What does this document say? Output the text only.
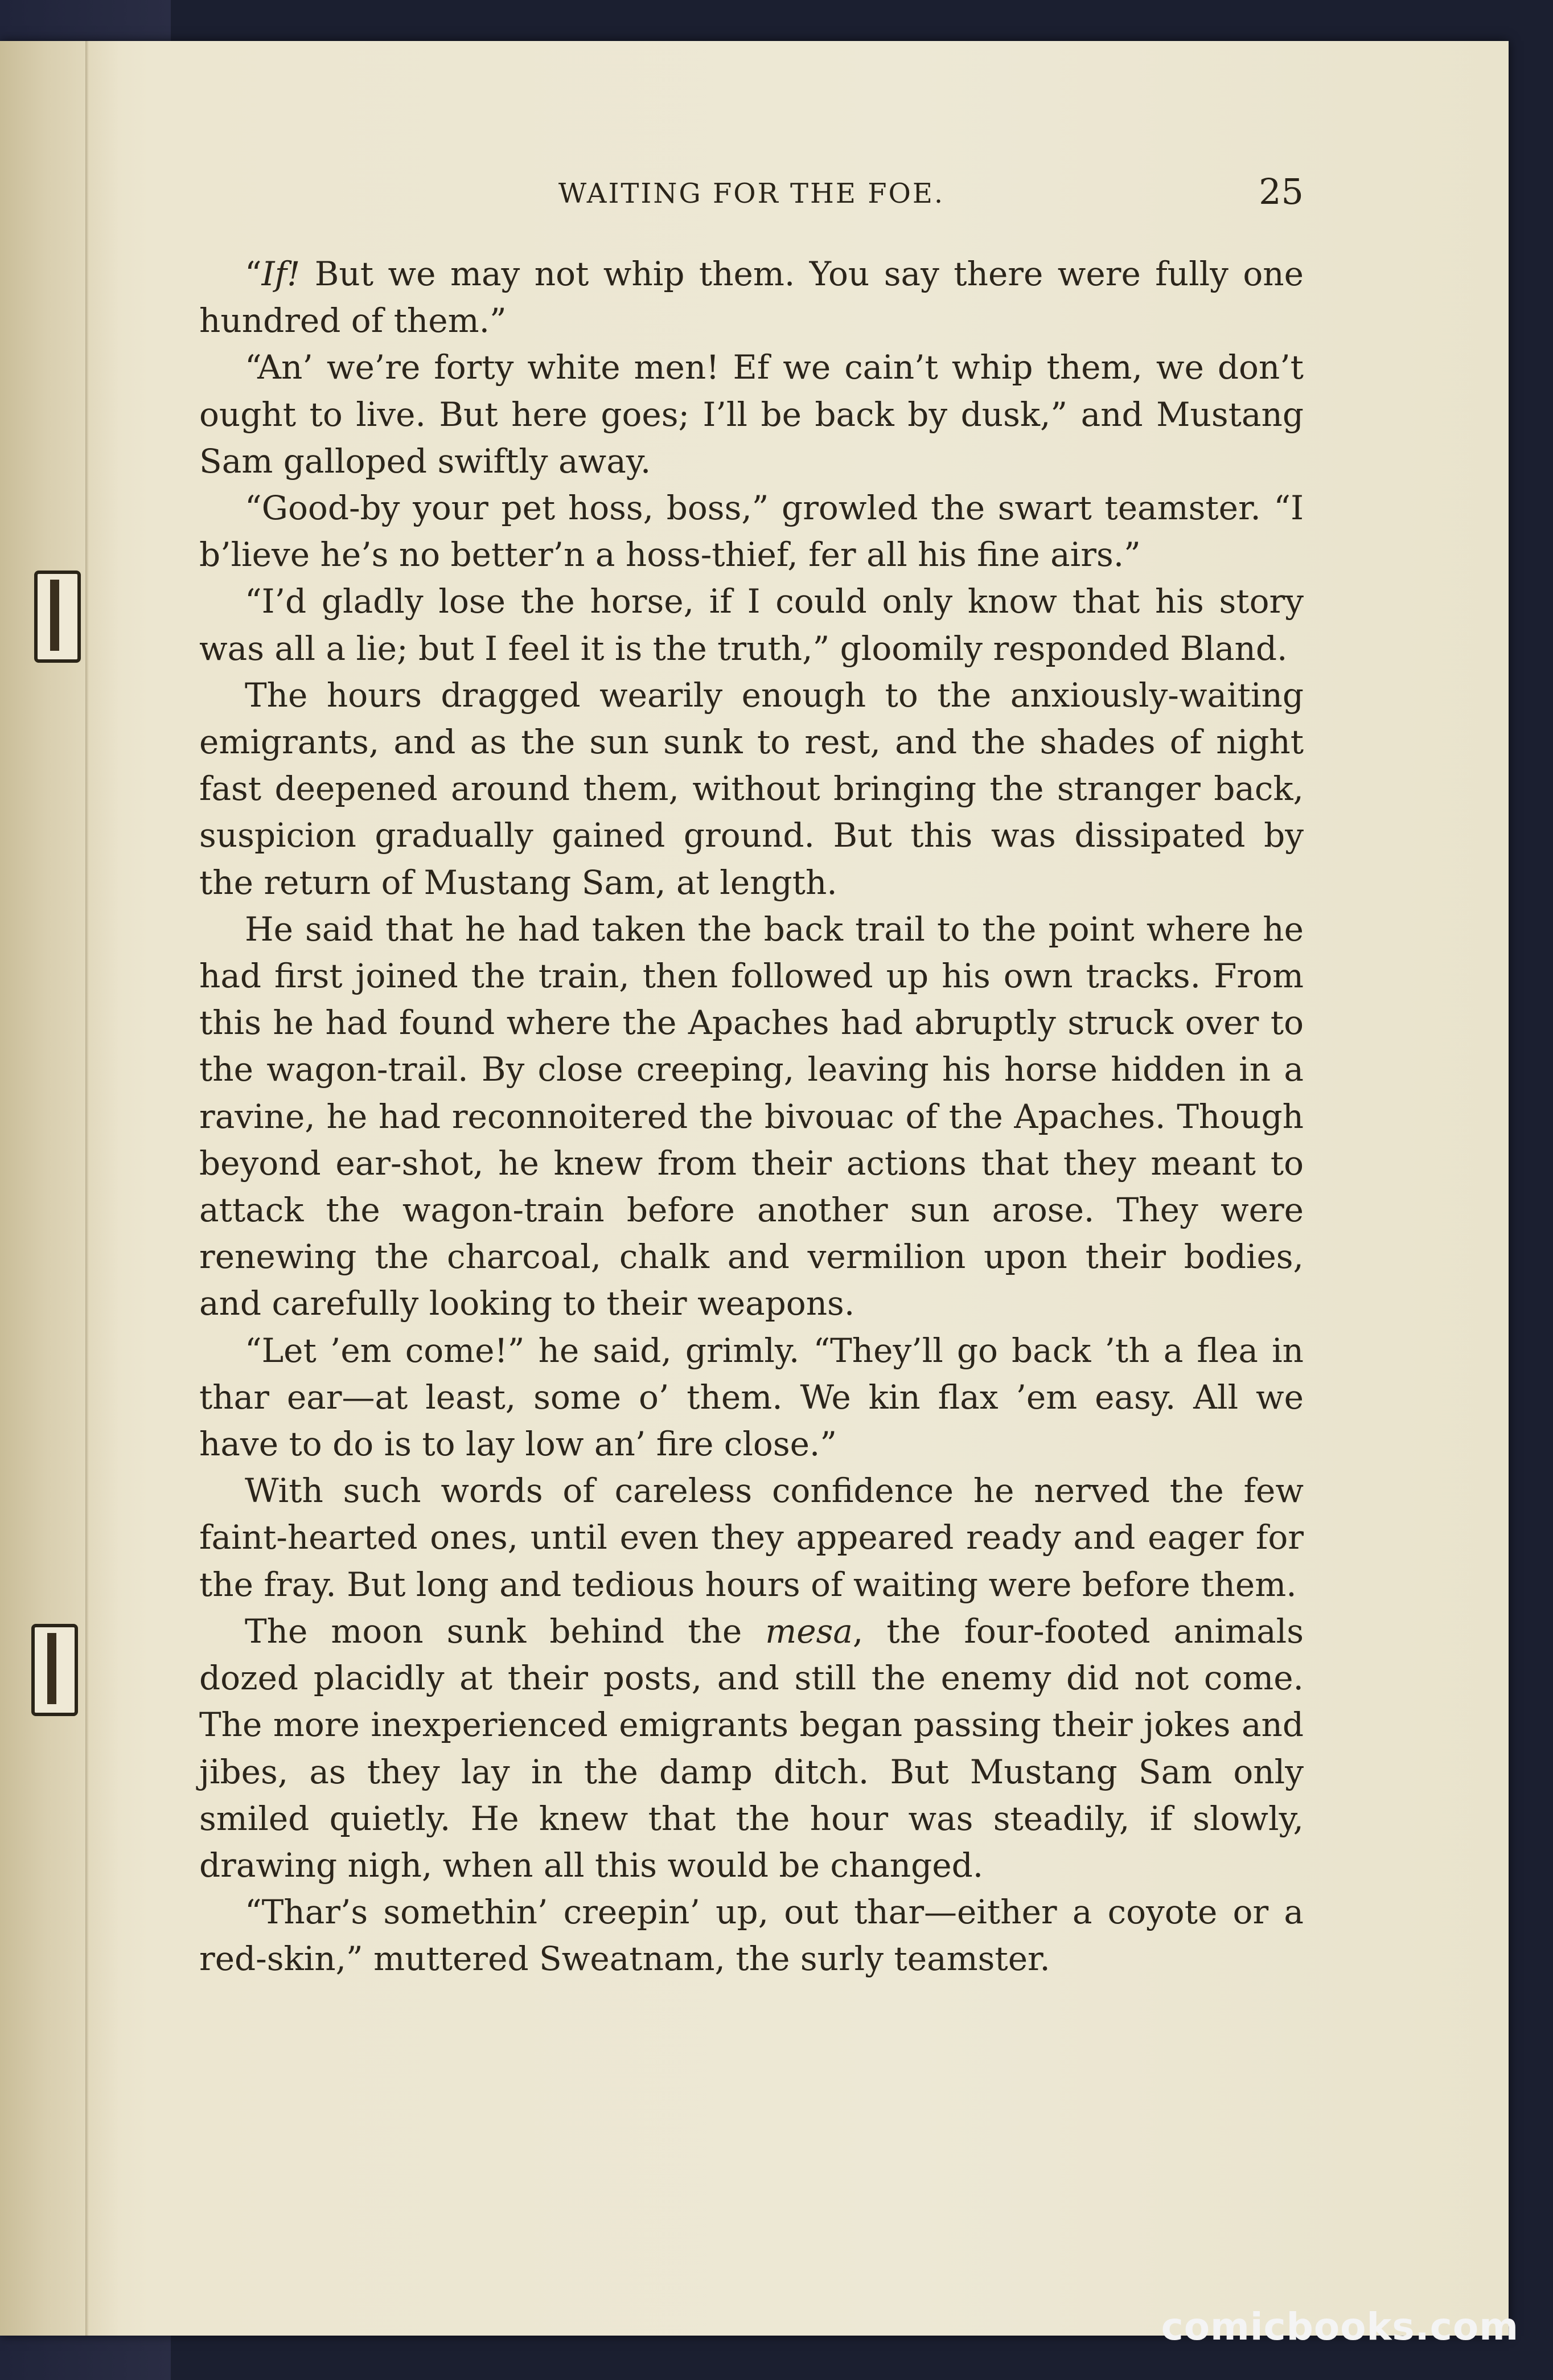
WAITING FOR THE FOE.	25

“If! But we may not whip them. You say there were fully one hundred of them.”

“An’ we’re forty white men! Ef we cain’t whip them, we don’t ought to live. But here goes; I’ll be back by dusk,” and Mustang Sam galloped swiftly away.

“Good-by your pet hoss, boss,” growled the swart teamster. “I b’lieve he’s no better’n a hoss-thief, fer all his fine airs.”

“I’d gladly lose the horse, if I could only know that his story was all a lie; but I feel it is the truth,” gloomily responded Bland.

The hours dragged wearily enough to the anxiously-waiting emigrants, and as the sun sunk to rest, and the shades of night fast deepened around them, without bringing the stranger back, suspicion gradually gained ground. But this was dissipated by the return of Mustang Sam, at length.

He said that he had taken the back trail to the point where he had first joined the train, then followed up his own tracks. From this he had found where the Apaches had abruptly struck over to the wagon-trail. By close creeping, leaving his horse hidden in a ravine, he had reconnoitered the bivouac of the Apaches. Though beyond ear-shot, he knew from their actions that they meant to attack the wagon-train before another sun arose. They were renewing the charcoal, chalk and vermilion upon their bodies, and carefully looking to their weapons.

“Let ’em come!” he said, grimly. “They’ll go back ’th a flea in thar ear—at least, some o’ them. We kin flax ’em easy. All we have to do is to lay low an’ fire close.”

With such words of careless confidence he nerved the few faint-hearted ones, until even they appeared ready and eager for the fray. But long and tedious hours of waiting were before them.

The moon sunk behind the mesa, the four-footed animals dozed placidly at their posts, and still the enemy did not come. The more inexperienced emigrants began passing their jokes and jibes, as they lay in the damp ditch. But Mustang Sam only smiled quietly. He knew that the hour was steadily, if slowly, drawing nigh, when all this would be changed.

“Thar’s somethin’ creepin’ up, out thar—either a coyote or a red-skin,” muttered Sweatnam, the surly teamster.

comicbooks.com
